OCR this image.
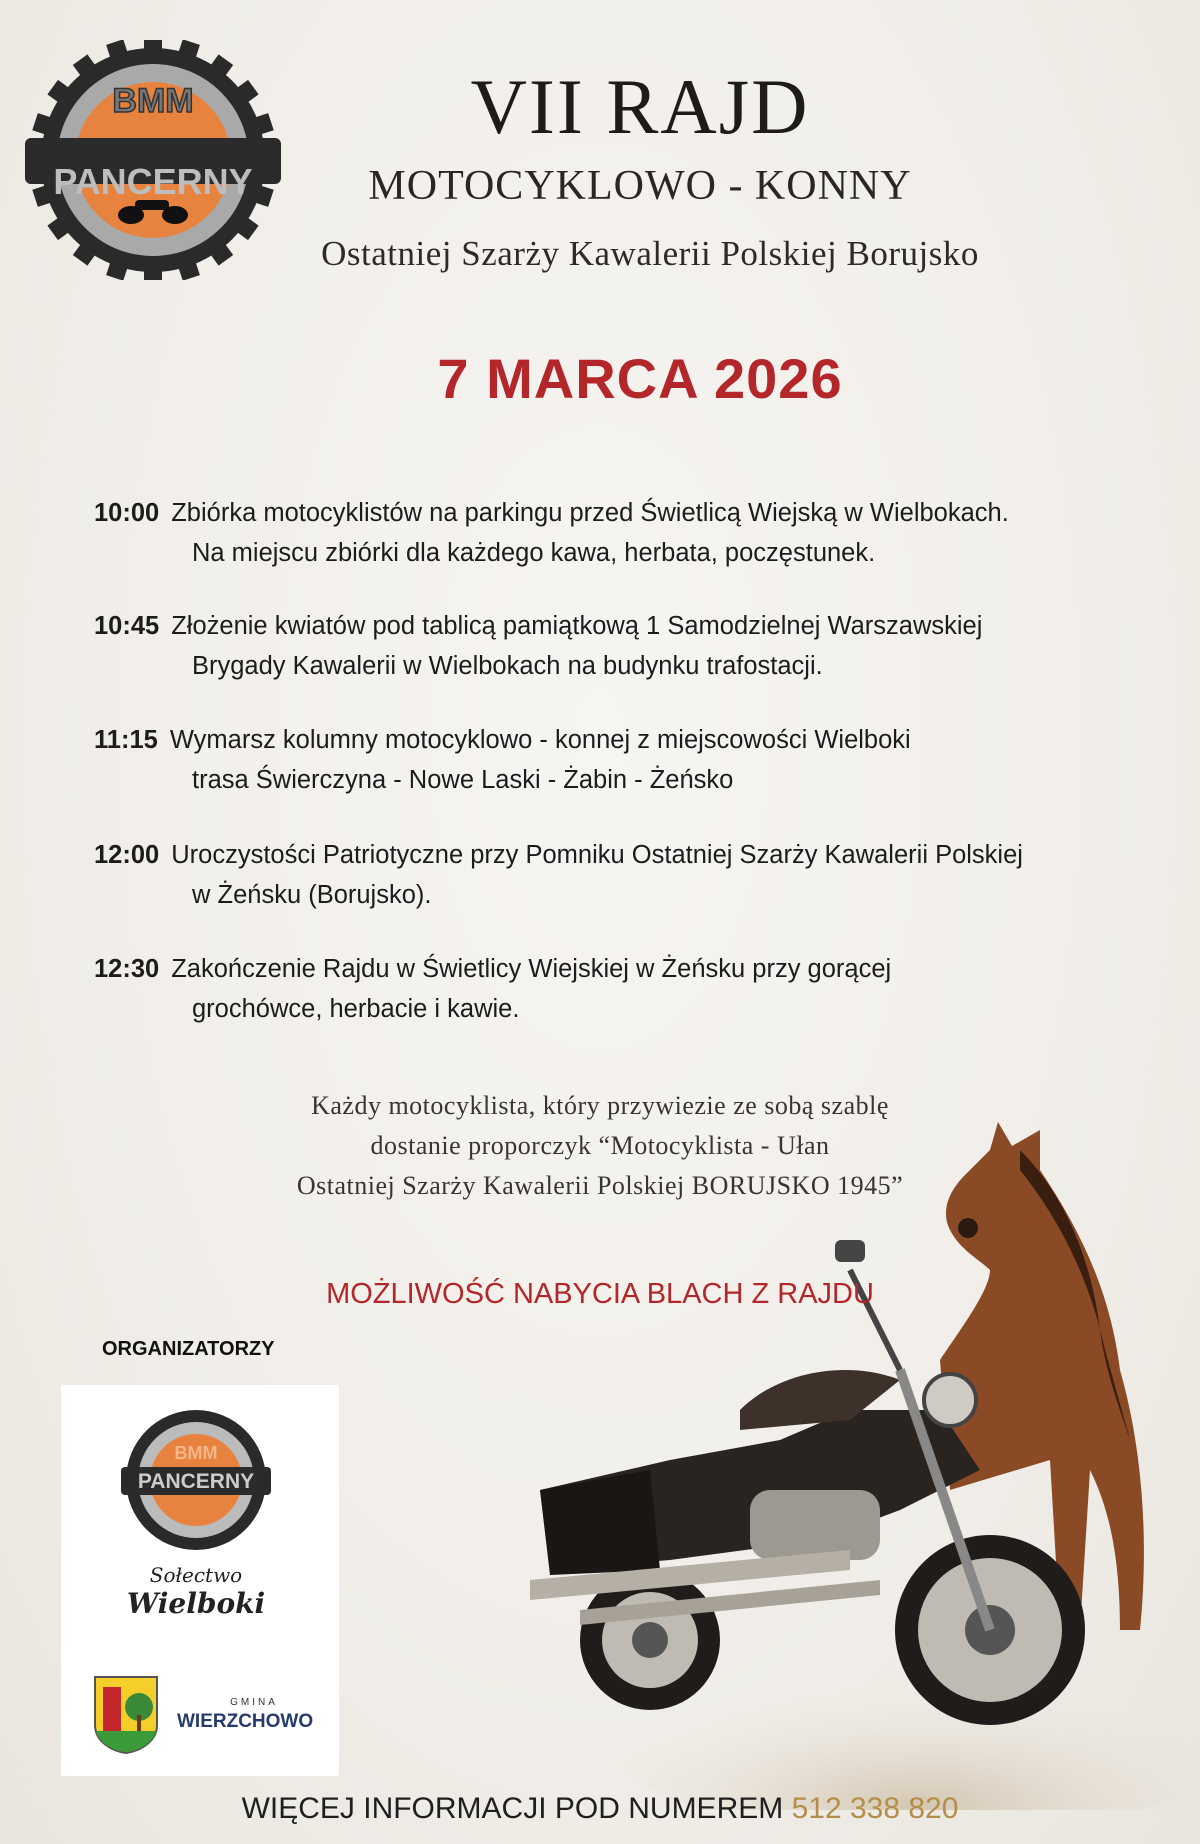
BMM
PANCERNY
VII RAJD
MOTOCYKLOWO - KONNY
Ostatniej Szarży Kawalerii Polskiej Borujsko
7 MARCA 2026
10:00 Zbiórka motocyklistów na parkingu przed Świetlicą Wiejską w Wielbokach.
Na miejscu zbiórki dla każdego kawa, herbata, poczęstunek.
10:45 Złożenie kwiatów pod tablicą pamiątkową 1 Samodzielnej Warszawskiej
Brygady Kawalerii w Wielbokach na budynku trafostacji.
11:15 Wymarsz kolumny motocyklowo - konnej z miejscowości Wielboki
trasa Świerczyna - Nowe Laski - Żabin - Żeńsko
12:00 Uroczystości Patriotyczne przy Pomniku Ostatniej Szarży Kawalerii Polskiej
w Żeńsku (Borujsko).
12:30 Zakończenie Rajdu w Świetlicy Wiejskiej w Żeńsku przy gorącej
grochówce, herbacie i kawie.
Każdy motocyklista, który przywiezie ze sobą szablę
dostanie proporczyk “Motocyklista - Ułan
Ostatniej Szarży Kawalerii Polskiej BORUJSKO 1945”
MOŻLIWOŚĆ NABYCIA BLACH Z RAJDU
ORGANIZATORZY
BMM
PANCERNY
Sołectwo
Wielboki
GMINA
WIERZCHOWO
WIĘCEJ INFORMACJI POD NUMEREM 512 338 820
